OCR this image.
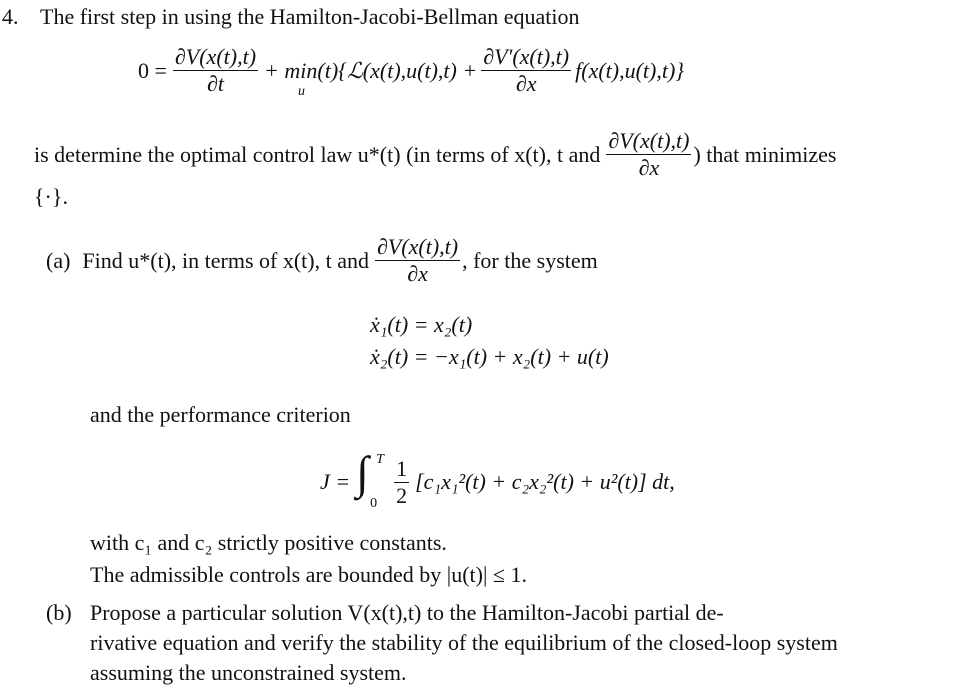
4. The first step in using the Hamilton-Jacobi-Bellman equation
$0 = \frac{\partial V(x(t),t)}{\partial t}$ + min(t){ℒ(x(t),u(t),t) +
u	$\frac{\partial V'(x(t),t)}{\partial x} f(x(t),u(t),t)$}
is determine the optimal control law u*(t) (in terms of x(t), t and $\frac{\partial V(x(t),t)}{\partial x}$ ) that minimizes
{·}.
(a) Find u*(t), in terms of x(t), t and $\frac{\partial V(x(t),t)}{\partial x}$ , for the system
ẋ₁(t) = x₂(t)
ẋ₂(t) = −x₁(t) + x₂(t) + u(t)
and the performance criterion
J = ∫ T
$0 \frac{1}{2} [c_1x_1^2(t) + c_2x_2^2(t) + u^2(t)]$ dt,
with c₁ and c₂ strictly positive constants.
The admissible controls are bounded by |u(t)| ≤ 1.
(b) Propose a particular solution V(x(t),t) to the Hamilton-Jacobi partial de-
rivative equation and verify the stability of the equilibrium of the closed-loop system
assuming the unconstrained system.
